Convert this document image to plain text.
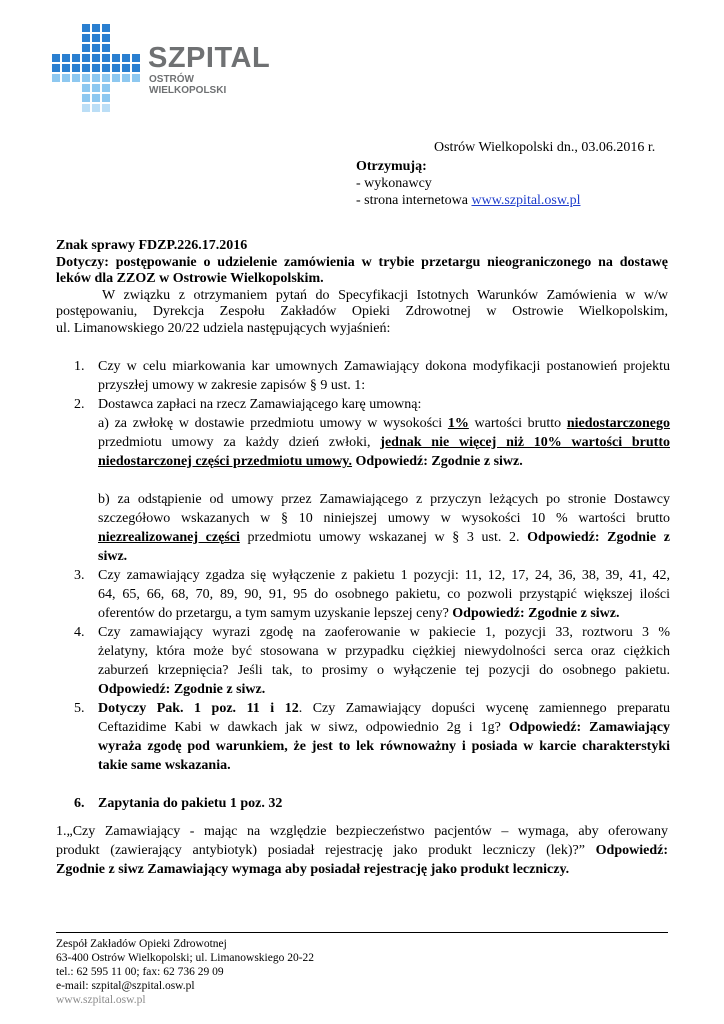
SZPITAL
OSTRÓW WIELKOPOLSKI
Ostrów Wielkopolski dn., 03.06.2016 r.
Otrzymują:
- wykonawcy
- strona internetowa www.szpital.osw.pl
Znak sprawy FDZP.226.17.2016
Dotyczy: postępowanie o udzielenie zamówienia w trybie przetargu nieograniczonego na dostawę
leków dla ZZOZ w Ostrowie Wielkopolskim.
W związku z otrzymaniem pytań do Specyfikacji Istotnych Warunków Zamówienia w w/w
postępowaniu, Dyrekcja Zespołu Zakładów Opieki Zdrowotnej w Ostrowie Wielkopolskim,
ul. Limanowskiego 20/22 udziela następujących wyjaśnień:
1. Czy w celu miarkowania kar umownych Zamawiający dokona modyfikacji postanowień projektu
przyszłej umowy w zakresie zapisów § 9 ust. 1:
2. Dostawca zapłaci na rzecz Zamawiającego karę umowną:
a) za zwłokę w dostawie przedmiotu umowy w wysokości 1% wartości brutto niedostarczonego
przedmiotu umowy za każdy dzień zwłoki, jednak nie więcej niż 10% wartości brutto
niedostarczonej części przedmiotu umowy. Odpowiedź: Zgodnie z siwz.
b) za odstąpienie od umowy przez Zamawiającego z przyczyn leżących po stronie Dostawcy
szczegółowo wskazanych w § 10 niniejszej umowy w wysokości 10 % wartości brutto
niezrealizowanej części przedmiotu umowy wskazanej w § 3 ust. 2. Odpowiedź: Zgodnie z
siwz.
3. Czy zamawiający zgadza się wyłączenie z pakietu 1 pozycji: 11, 12, 17, 24, 36, 38, 39, 41, 42,
64, 65, 66, 68, 70, 89, 90, 91, 95 do osobnego pakietu, co pozwoli przystąpić większej ilości
oferentów do przetargu, a tym samym uzyskanie lepszej ceny? Odpowiedź: Zgodnie z siwz.
4. Czy zamawiający wyrazi zgodę na zaoferowanie w pakiecie 1, pozycji 33, roztworu 3 %
żelatyny, która może być stosowana w przypadku ciężkiej niewydolności serca oraz ciężkich
zaburzeń krzepnięcia? Jeśli tak, to prosimy o wyłączenie tej pozycji do osobnego pakietu.
Odpowiedź: Zgodnie z siwz.
5. Dotyczy Pak. 1 poz. 11 i 12. Czy Zamawiający dopuści wycenę zamiennego preparatu
Ceftazidime Kabi w dawkach jak w siwz, odpowiednio 2g i 1g? Odpowiedź: Zamawiający
wyraża zgodę pod warunkiem, że jest to lek równoważny i posiada w karcie charakterstyki
takie same wskazania.
6. Zapytania do pakietu 1 poz. 32
1.„Czy Zamawiający - mając na względzie bezpieczeństwo pacjentów – wymaga, aby oferowany
produkt (zawierający antybiotyk) posiadał rejestrację jako produkt leczniczy (lek)?” Odpowiedź:
Zgodnie z siwz Zamawiający wymaga aby posiadał rejestrację jako produkt leczniczy.
Zespół Zakładów Opieki Zdrowotnej
63-400 Ostrów Wielkopolski; ul. Limanowskiego 20-22
tel.: 62 595 11 00; fax: 62 736 29 09
e-mail: szpital@szpital.osw.pl
www.szpital.osw.pl
